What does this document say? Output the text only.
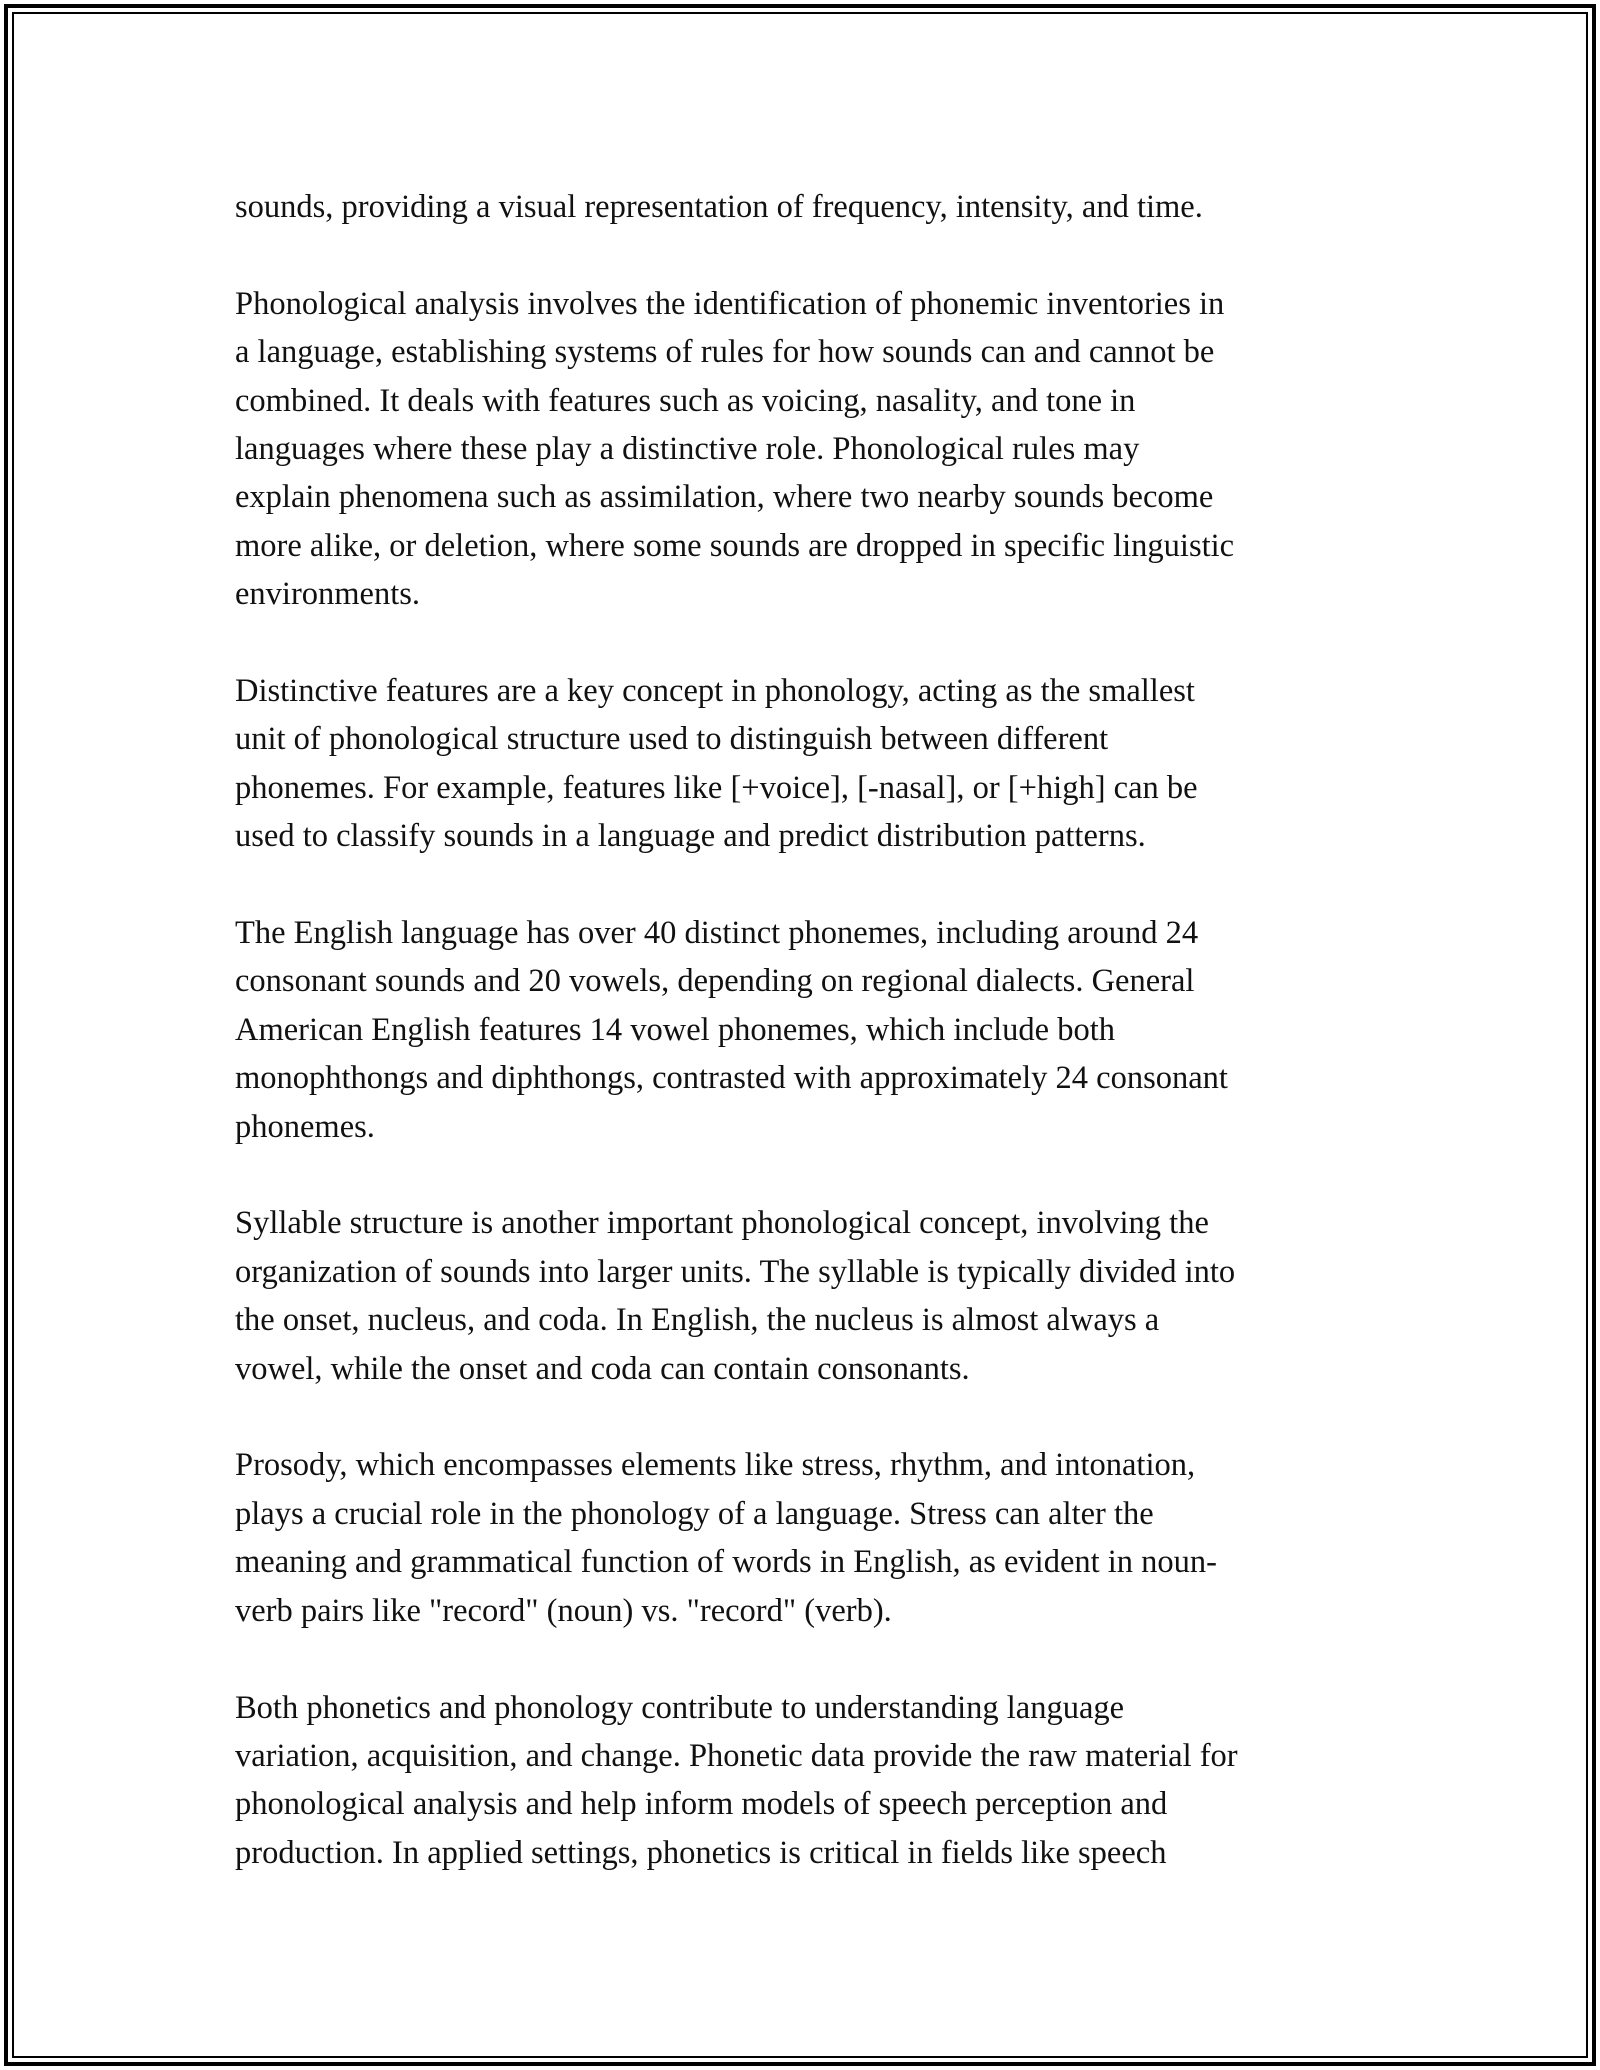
sounds, providing a visual representation of frequency, intensity, and time.

Phonological analysis involves the identification of phonemic inventories in
a language, establishing systems of rules for how sounds can and cannot be
combined. It deals with features such as voicing, nasality, and tone in
languages where these play a distinctive role. Phonological rules may
explain phenomena such as assimilation, where two nearby sounds become
more alike, or deletion, where some sounds are dropped in specific linguistic
environments.

Distinctive features are a key concept in phonology, acting as the smallest
unit of phonological structure used to distinguish between different
phonemes. For example, features like [+voice], [-nasal], or [+high] can be
used to classify sounds in a language and predict distribution patterns.

The English language has over 40 distinct phonemes, including around 24
consonant sounds and 20 vowels, depending on regional dialects. General
American English features 14 vowel phonemes, which include both
monophthongs and diphthongs, contrasted with approximately 24 consonant
phonemes.

Syllable structure is another important phonological concept, involving the
organization of sounds into larger units. The syllable is typically divided into
the onset, nucleus, and coda. In English, the nucleus is almost always a
vowel, while the onset and coda can contain consonants.

Prosody, which encompasses elements like stress, rhythm, and intonation,
plays a crucial role in the phonology of a language. Stress can alter the
meaning and grammatical function of words in English, as evident in noun-
verb pairs like "record" (noun) vs. "record" (verb).

Both phonetics and phonology contribute to understanding language
variation, acquisition, and change. Phonetic data provide the raw material for
phonological analysis and help inform models of speech perception and
production. In applied settings, phonetics is critical in fields like speech
